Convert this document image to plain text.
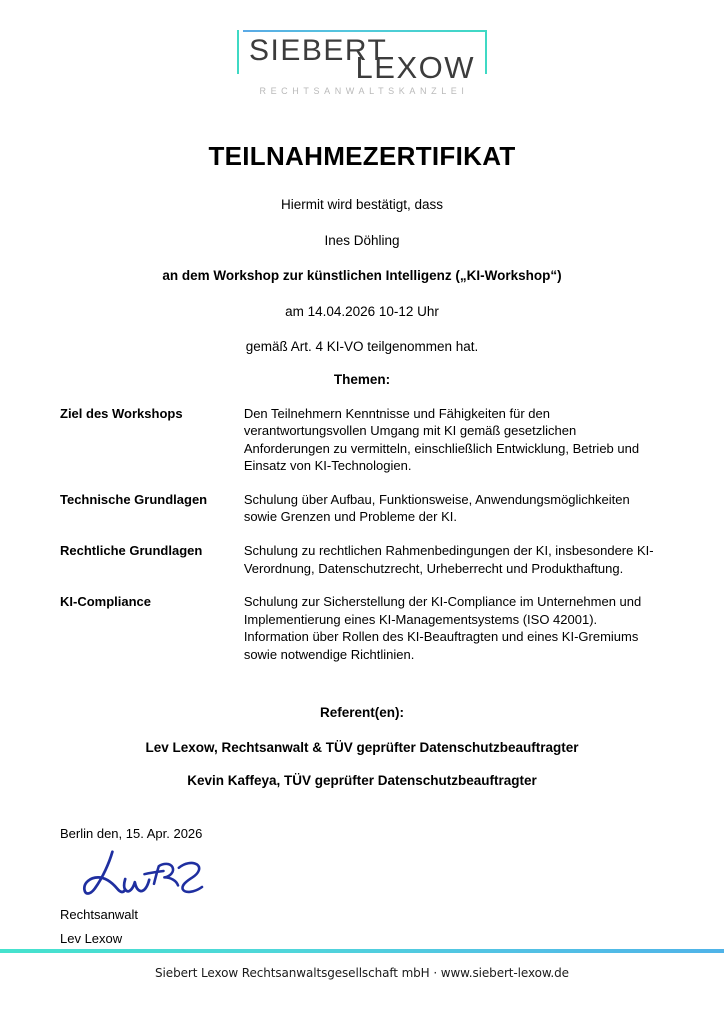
SIEBERT
LEXOW
RECHTSANWALTSKANZLEI
TEILNAHMEZERTIFIKAT
Hiermit wird bestätigt, dass
Ines Döhling
an dem Workshop zur künstlichen Intelligenz („KI-Workshop“)
am 14.04.2026 10-12 Uhr
gemäß Art. 4 KI-VO teilgenommen hat.
Themen:
Ziel des Workshops	Den Teilnehmern Kenntnisse und Fähigkeiten für den verantwortungsvollen Umgang mit KI gemäß gesetzlichen Anforderungen zu vermitteln, einschließlich Entwicklung, Betrieb und Einsatz von KI-Technologien.
Technische Grundlagen	Schulung über Aufbau, Funktionsweise, Anwendungsmöglichkeiten sowie Grenzen und Probleme der KI.
Rechtliche Grundlagen	Schulung zu rechtlichen Rahmenbedingungen der KI, insbesondere KI-Verordnung, Datenschutzrecht, Urheberrecht und Produkthaftung.
KI-Compliance	Schulung zur Sicherstellung der KI-Compliance im Unternehmen und Implementierung eines KI-Managementsystems (ISO 42001). Information über Rollen des KI-Beauftragten und eines KI-Gremiums sowie notwendige Richtlinien.
Referent(en):
Lev Lexow, Rechtsanwalt & TÜV geprüfter Datenschutzbeauftragter
Kevin Kaffeya, TÜV geprüfter Datenschutzbeauftragter
Berlin den, 15. Apr. 2026
Rechtsanwalt
Lev Lexow
Siebert Lexow Rechtsanwaltsgesellschaft mbH · www.siebert-lexow.de
